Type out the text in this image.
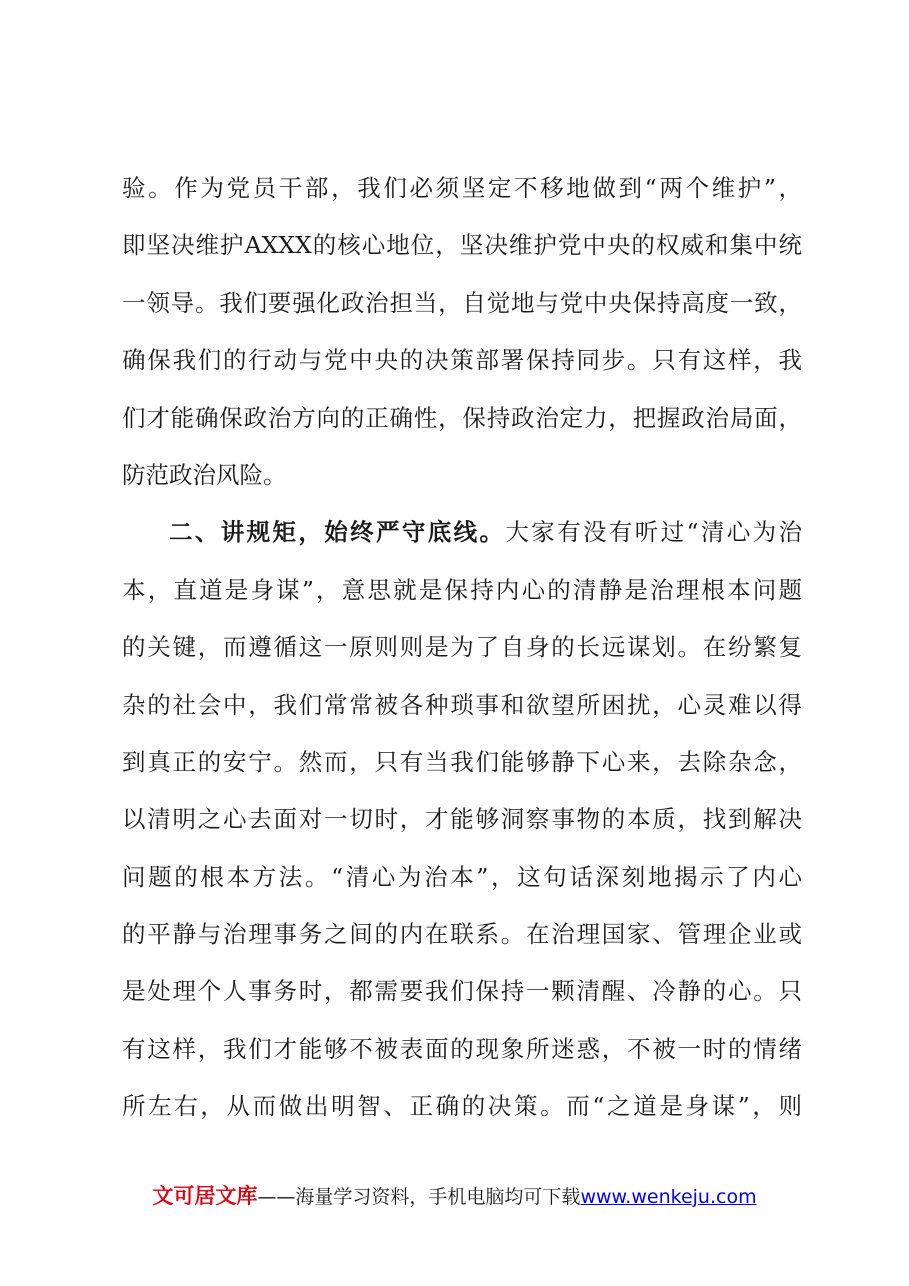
验。作为党员干部，我们必须坚定不移地做到“两个维护”，
即坚决维护AXXX的核心地位，坚决维护党中央的权威和集中统
一领导。我们要强化政治担当，自觉地与党中央保持高度一致，
确保我们的行动与党中央的决策部署保持同步。只有这样，我
们才能确保政治方向的正确性，保持政治定力，把握政治局面，
防范政治风险。
二、讲规矩，始终严守底线。大家有没有听过“清心为治
本，直道是身谋”，意思就是保持内心的清静是治理根本问题
的关键，而遵循这一原则则是为了自身的长远谋划。在纷繁复
杂的社会中，我们常常被各种琐事和欲望所困扰，心灵难以得
到真正的安宁。然而，只有当我们能够静下心来，去除杂念，
以清明之心去面对一切时，才能够洞察事物的本质，找到解决
问题的根本方法。“清心为治本”，这句话深刻地揭示了内心
的平静与治理事务之间的内在联系。在治理国家、管理企业或
是处理个人事务时，都需要我们保持一颗清醒、冷静的心。只
有这样，我们才能够不被表面的现象所迷惑，不被一时的情绪
所左右，从而做出明智、正确的决策。而“之道是身谋”，则
文可居文库——海量学习资料，手机电脑均可下载www.wenkeju.com
